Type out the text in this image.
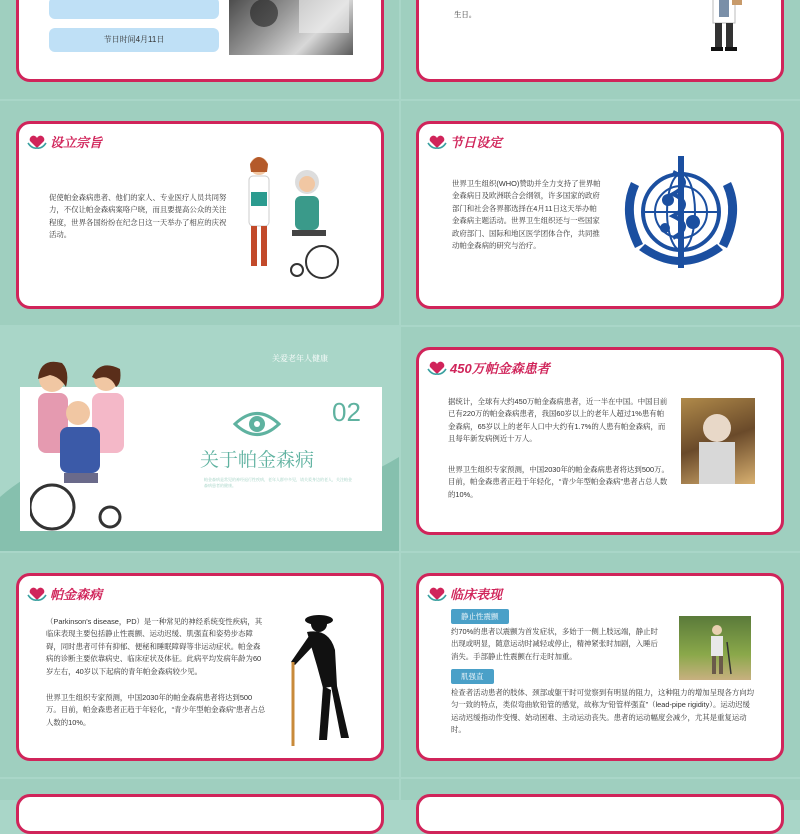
节日时间4月11日
生日。
设立宗旨
促使帕金森病患者、他们的家人、专业医疗人员共同努力，不仅让帕金森病案咯户晓，而且要提高公众的关注程度，世界各国纷纷在纪念日这一天举办了相应的庆祝活动。
节日设定
世界卫生组织(WHO)赞助并全力支持了世界帕金森病日及欧洲联合会纲领，许多国家的政府部门和社会各界都选择在4月11日这天举办帕金森病主题活动。世界卫生组织还与一些国家政府部门、国际和地区医学团体合作，共同推动帕金森病的研究与治疗。
关爱老年人健康
02
关于帕金森病
帕金森病是常见的神经退行性疾病，老年人群中多见，请关爱身边的老人，关注帕金森病患者的健康。
450万帕金森患者
据统计，全球有大约450万帕金森病患者，近一半在中国。中国目前已有220万的帕金森病患者，我国60岁以上的老年人超过1%患有帕金森病，65岁以上的老年人口中大约有1.7%的人患有帕金森病，而且每年新发病例近十万人。
世界卫生组织专家预测，中国2030年的帕金森病患者将达到500万。目前，帕金森患者正趋于年轻化，“青少年型帕金森病”患者占总人数的10%。
帕金森病
（Parkinson's disease，PD）是一种常见的神经系统变性疾病，其临床表现主要包括静止性震颤、运动迟缓、肌强直和姿势步态障碍，同时患者可伴有抑郁、便秘和睡眠障碍等非运动症状。帕金森病的诊断主要依靠病史、临床症状及体征。此病平均发病年龄为60岁左右，40岁以下起病的青年帕金森病较少见。
世界卫生组织专家预测，中国2030年的帕金森病患者将达到500万。目前，帕金森患者正趋于年轻化，“青少年型帕金森病”患者占总人数的10%。
临床表现
静止性震颤
约70%的患者以震颤为首发症状，多始于一侧上肢远端，静止时出现或明显，随意运动时减轻或停止，精神紧张时加剧，入睡后消失。手部静止性震颤在行走时加重。
肌强直
检查者活动患者的肢体、颈部或躯干时可觉察到有明显的阻力，这种阻力的增加呈现各方向均匀一致的特点，类似弯曲软铅管的感觉，故称为“铅管样强直”（lead-pipe rigidity）。运动迟缓运动迟缓指动作变慢、始动困难、主动运动丧失。患者的运动幅度会减少，尤其是重复运动时。
